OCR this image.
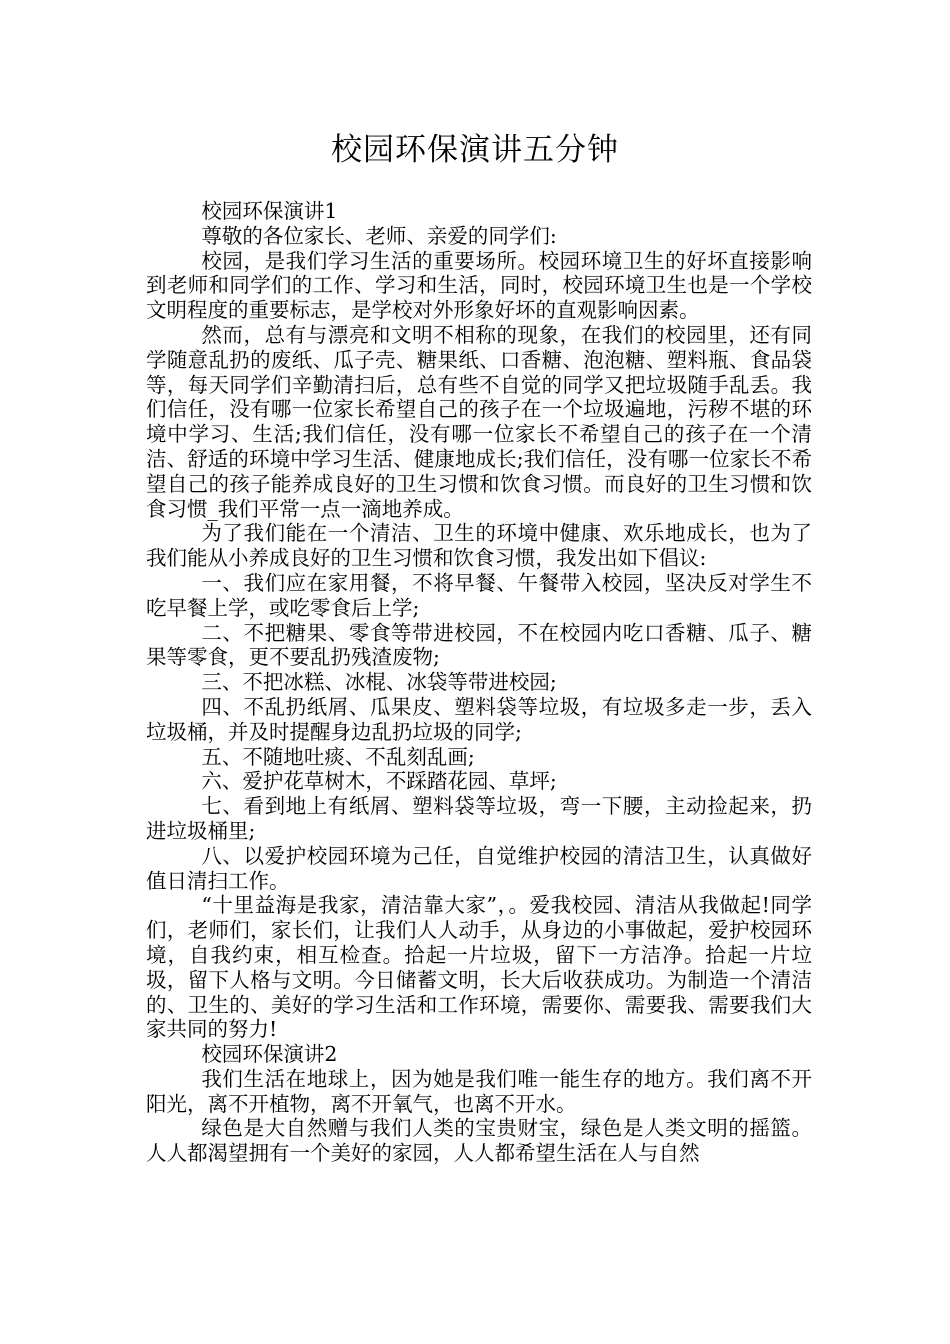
校园环保演讲五分钟

校园环保演讲1

尊敬的各位家长、老师、亲爱的同学们:

校园，是我们学习生活的重要场所。校园环境卫生的好坏直接影响到老师和同学们的工作、学习和生活，同时，校园环境卫生也是一个学校文明程度的重要标志，是学校对外形象好坏的直观影响因素。

然而，总有与漂亮和文明不相称的现象，在我们的校园里，还有同学随意乱扔的废纸、瓜子壳、糖果纸、口香糖、泡泡糖、塑料瓶、食品袋等，每天同学们辛勤清扫后，总有些不自觉的同学又把垃圾随手乱丢。我们信任，没有哪一位家长希望自己的孩子在一个垃圾遍地，污秽不堪的环境中学习、生活;我们信任，没有哪一位家长不希望自己的孩子在一个清洁、舒适的环境中学习生活、健康地成长;我们信任，没有哪一位家长不希望自己的孩子能养成良好的卫生习惯和饮食习惯。而良好的卫生习惯和饮食习惯_我们平常一点一滴地养成。

为了我们能在一个清洁、卫生的环境中健康、欢乐地成长，也为了我们能从小养成良好的卫生习惯和饮食习惯，我发出如下倡议:

一、我们应在家用餐，不将早餐、午餐带入校园，坚决反对学生不吃早餐上学，或吃零食后上学;

二、不把糖果、零食等带进校园，不在校园内吃口香糖、瓜子、糖果等零食，更不要乱扔残渣废物;

三、不把冰糕、冰棍、冰袋等带进校园;

四、不乱扔纸屑、瓜果皮、塑料袋等垃圾，有垃圾多走一步，丢入垃圾桶，并及时提醒身边乱扔垃圾的同学;

五、不随地吐痰、不乱刻乱画;

六、爱护花草树木，不踩踏花园、草坪;

七、看到地上有纸屑、塑料袋等垃圾，弯一下腰，主动捡起来，扔进垃圾桶里;

八、以爱护校园环境为己任，自觉维护校园的清洁卫生，认真做好值日清扫工作。

“十里益海是我家，清洁靠大家”，。爱我校园、清洁从我做起!同学们，老师们，家长们，让我们人人动手，从身边的小事做起，爱护校园环境，自我约束，相互检查。拾起一片垃圾，留下一方洁净。拾起一片垃圾，留下人格与文明。今日储蓄文明，长大后收获成功。为制造一个清洁的、卫生的、美好的学习生活和工作环境，需要你、需要我、需要我们大家共同的努力!

校园环保演讲2

我们生活在地球上，因为她是我们唯一能生存的地方。我们离不开阳光，离不开植物，离不开氧气，也离不开水。

绿色是大自然赠与我们人类的宝贵财宝，绿色是人类文明的摇篮。人人都渴望拥有一个美好的家园，人人都希望生活在人与自然
